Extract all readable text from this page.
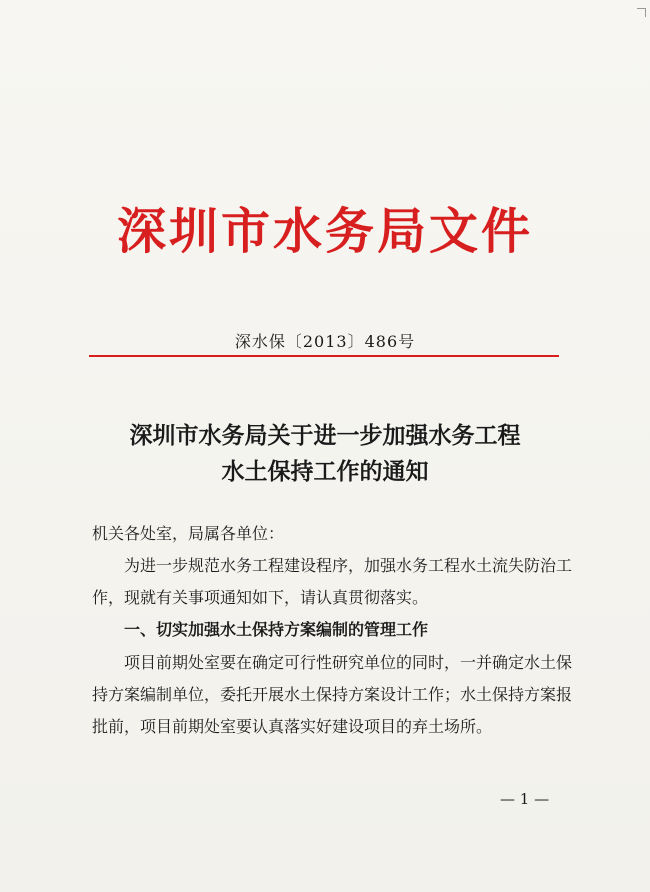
深圳市水务局文件
深水保〔2013〕486号
深圳市水务局关于进一步加强水务工程
水土保持工作的通知
机关各处室，局属各单位：
为进一步规范水务工程建设程序，加强水务工程水土流失防治工作，现就有关事项通知如下，请认真贯彻落实。
一、切实加强水土保持方案编制的管理工作
项目前期处室要在确定可行性研究单位的同时，一并确定水土保持方案编制单位，委托开展水土保持方案设计工作；水土保持方案报批前，项目前期处室要认真落实好建设项目的弃土场所。
— 1 —
